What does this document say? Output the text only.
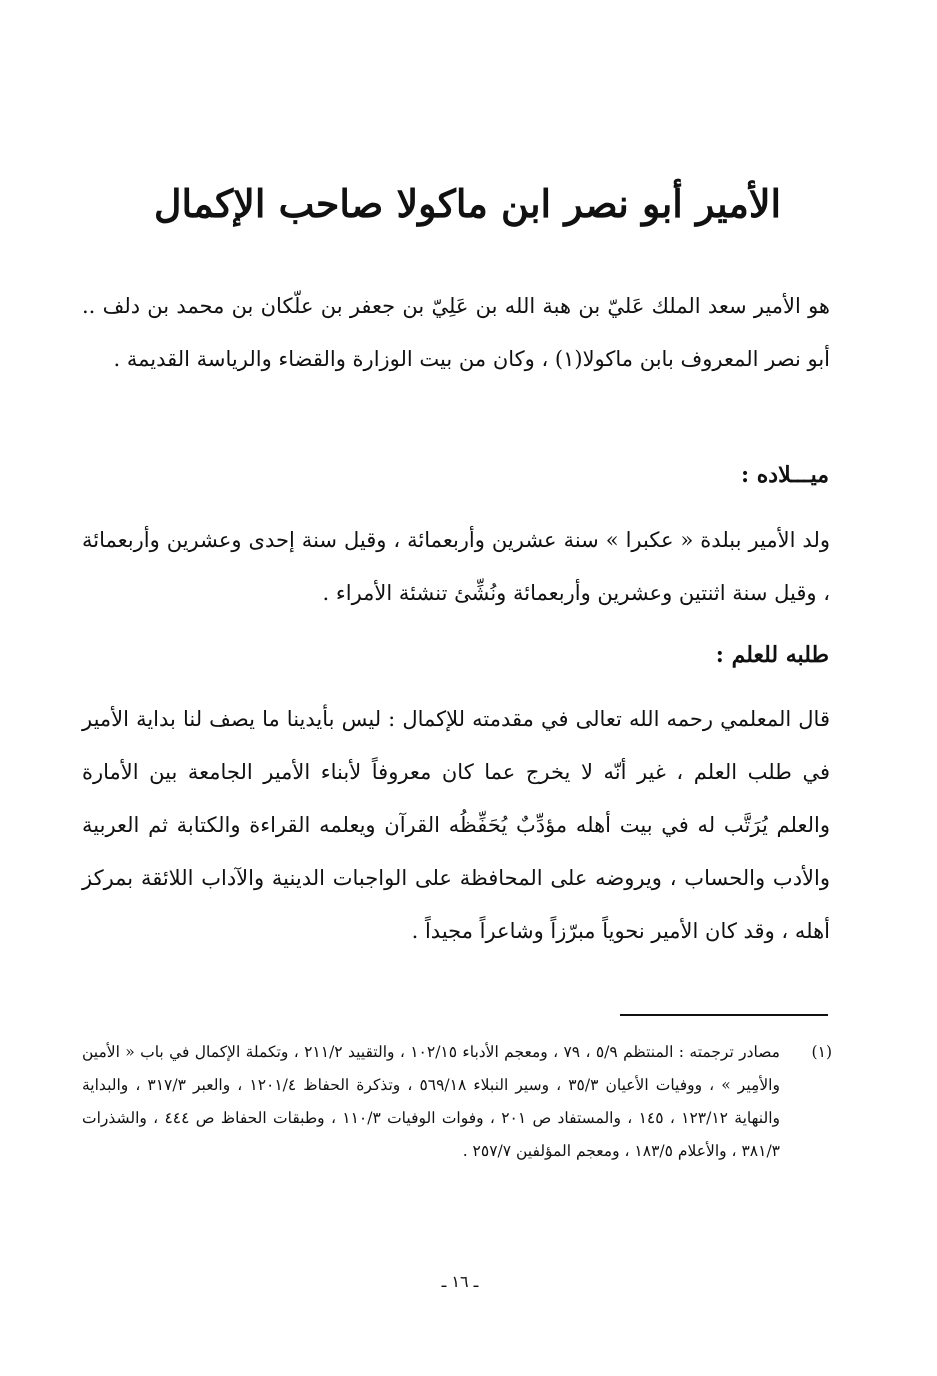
الأمير أبو نصر ابن ماكولا صاحب الإكمال

هو الأمير سعد الملك عَليّ بن هبة الله بن عَلِيّ بن جعفر بن علّكان بن محمد بن دلف .. أبو نصر المعروف بابن ماكولا(١) ، وكان من بيت الوزارة والقضاء والرياسة القديمة .

ميـــلاده :

ولد الأمير ببلدة « عكبرا » سنة عشرين وأربعمائة ، وقيل سنة إحدى وعشرين وأربعمائة ، وقيل سنة اثنتين وعشرين وأربعمائة ونُشِّئ تنشئة الأمراء .

طلبه للعلم :

قال المعلمي رحمه الله تعالى في مقدمته للإكمال : ليس بأيدينا ما يصف لنا بداية الأمير في طلب العلم ، غير أنّه لا يخرج عما كان معروفاً لأبناء الأمير الجامعة بين الأمارة والعلم يُرَتَّب له في بيت أهله مؤدِّبٌ يُحَفِّظُه القرآن ويعلمه القراءة والكتابة ثم العربية والأدب والحساب ، ويروضه على المحافظة على الواجبات الدينية والآداب اللائقة بمركز أهله ، وقد كان الأمير نحوياً مبرّزاً وشاعراً مجيداً .

(١)
مصادر ترجمته : المنتظم ٥/٩ ، ٧٩ ، ومعجم الأدباء ١٠٢/١٥ ، والتقييد ٢١١/٢ ، وتكملة الإكمال في باب « الأمين والأمِير » ، ووفيات الأعيان ٣٥/٣ ، وسير النبلاء ٥٦٩/١٨ ، وتذكرة الحفاظ ١٢٠١/٤ ، والعبر ٣١٧/٣ ، والبداية والنهاية ١٢٣/١٢ ، ١٤٥ ، والمستفاد ص ٢٠١ ، وفوات الوفيات ١١٠/٣ ، وطبقات الحفاظ ص ٤٤٤ ، والشذرات ٣٨١/٣ ، والأعلام ١٨٣/٥ ، ومعجم المؤلفين ٢٥٧/٧ .
ـ ١٦ ـ
